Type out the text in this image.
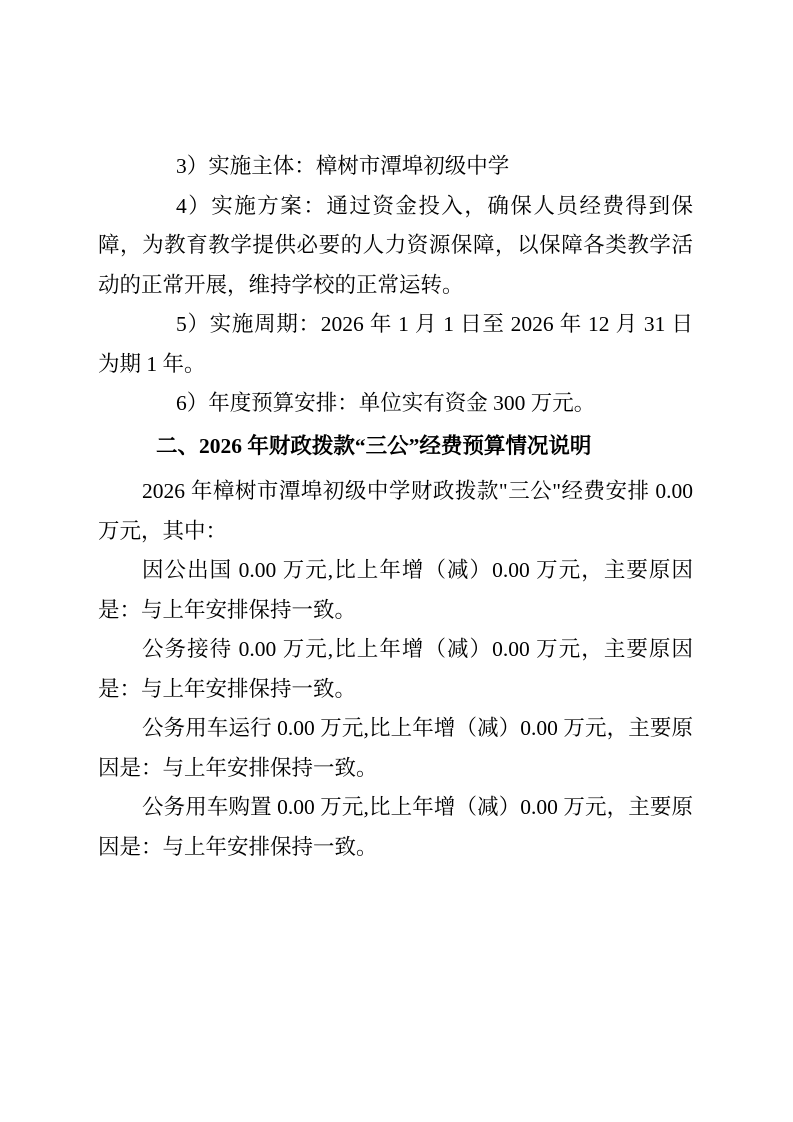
3）实施主体：樟树市潭埠初级中学

4）实施方案：通过资金投入，确保人员经费得到保障，为教育教学提供必要的人力资源保障，以保障各类教学活动的正常开展，维持学校的正常运转。

5）实施周期：2026 年 1 月 1 日至 2026 年 12 月 31 日为期 1 年。

6）年度预算安排：单位实有资金 300 万元。

二、2026 年财政拨款“三公”经费预算情况说明

2026 年樟树市潭埠初级中学财政拨款"三公"经费安排 0.00 万元，其中：

因公出国 0.00 万元,比上年增（减）0.00 万元，主要原因是：与上年安排保持一致。

公务接待 0.00 万元,比上年增（减）0.00 万元，主要原因是：与上年安排保持一致。

公务用车运行 0.00 万元,比上年增（减）0.00 万元，主要原因是：与上年安排保持一致。

公务用车购置 0.00 万元,比上年增（减）0.00 万元，主要原因是：与上年安排保持一致。
